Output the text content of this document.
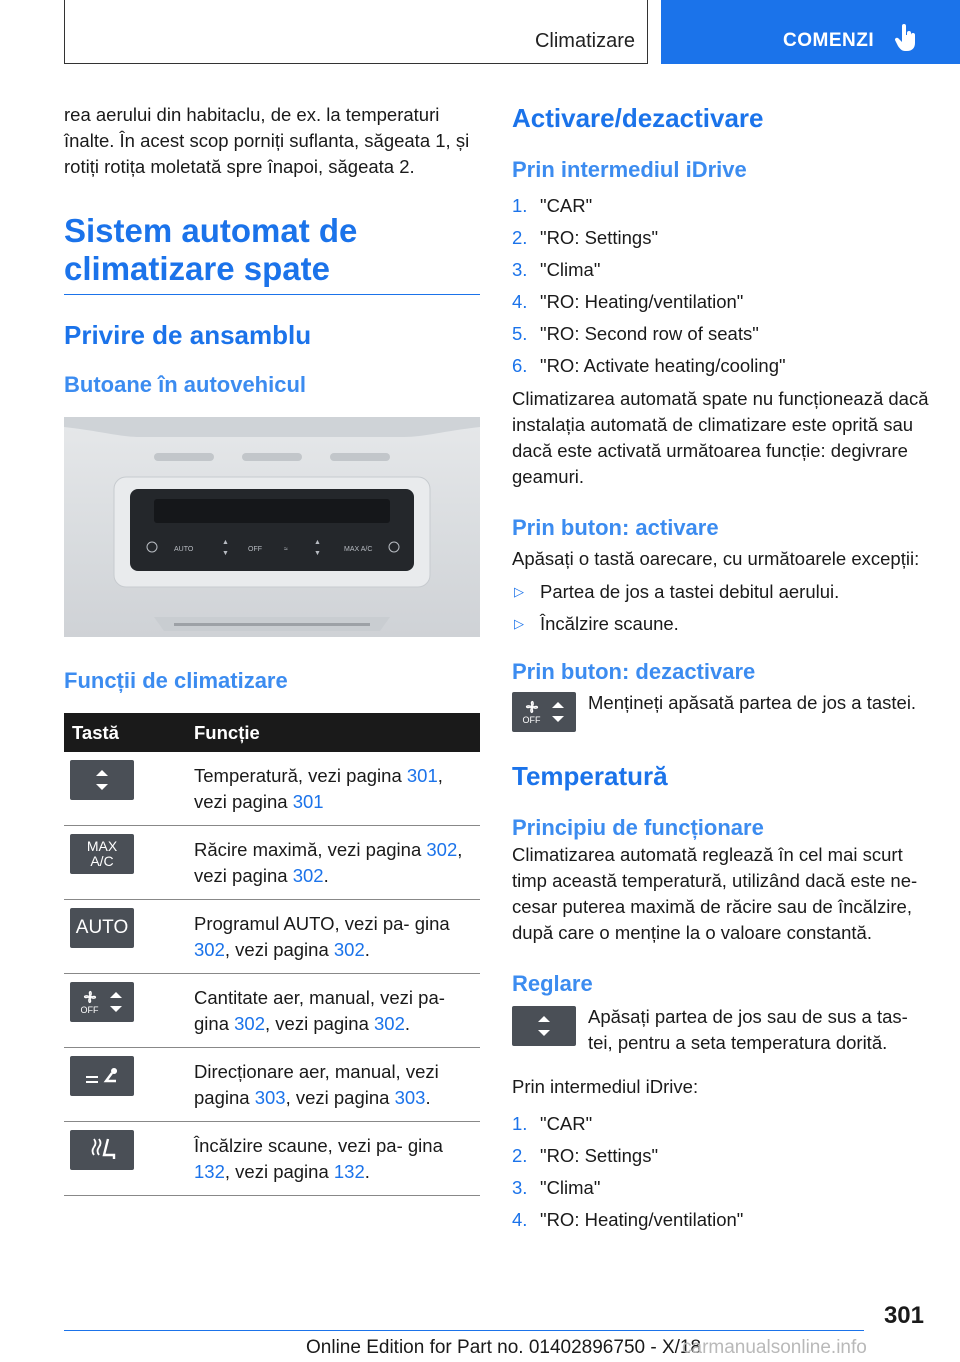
Climatizare	COMENZI

rea aerului din habitaclu, de ex. la temperaturi înalte. În acest scop porniți suflanta, săgeata 1, și rotiți rotița moletată spre înapoi, săgeata 2.

Sistem automat de climatizare spate
Privire de ansamblu
Butoane în autovehicul
AUTO
▲
▼
OFF	≈
▲
▼
MAX A/C
Funcții de climatizare
Tastă	Funcție

	Temperatură, vezi pagina 301, vezi pagina 301

MAX
A/C	Răcire maximă, vezi pagina 302, vezi pagina 302.

AUTO	Programul AUTO, vezi pa- gina 302, vezi pagina 302.

OFF	Cantitate aer, manual, vezi pa- gina 302, vezi pagina 302.

	Direcționare aer, manual, vezi pagina 303, vezi pagina 303.

	Încălzire scaune, vezi pa- gina 132, vezi pagina 132.
Activare/dezactivare
Prin intermediul iDrive
1. "CAR"
2. "RO: Settings"
3. "Clima"
4. "RO: Heating/ventilation"
5. "RO: Second row of seats"
6. "RO: Activate heating/cooling"

Climatizarea automată spate nu funcționează dacă instalația automată de climatizare este oprită sau dacă este activată următoarea funcție: degivrare geamuri.

Prin buton: activare

Apăsați o tastă oarecare, cu următoarele excepții:

▷ Partea de jos a tastei debitul aerului.
▷ Încălzire scaune.
Prin buton: dezactivare
OFF

Mențineți apăsată partea de jos a tastei.

Temperatură
Principiu de funcționare

Climatizarea automată reglează în cel mai scurt timp această temperatură, utilizând dacă este ne- cesar puterea maximă de răcire sau de încălzire, după care o menține la o valoare constantă.

Reglare

Apăsați partea de jos sau de sus a tas- tei, pentru a seta temperatura dorită.

Prin intermediul iDrive:

1. "CAR"
2. "RO: Settings"
3. "Clima"
4. "RO: Heating/ventilation"
301
Online Edition for Part no. 01402896750 - X/18
carmanualsonline.info
